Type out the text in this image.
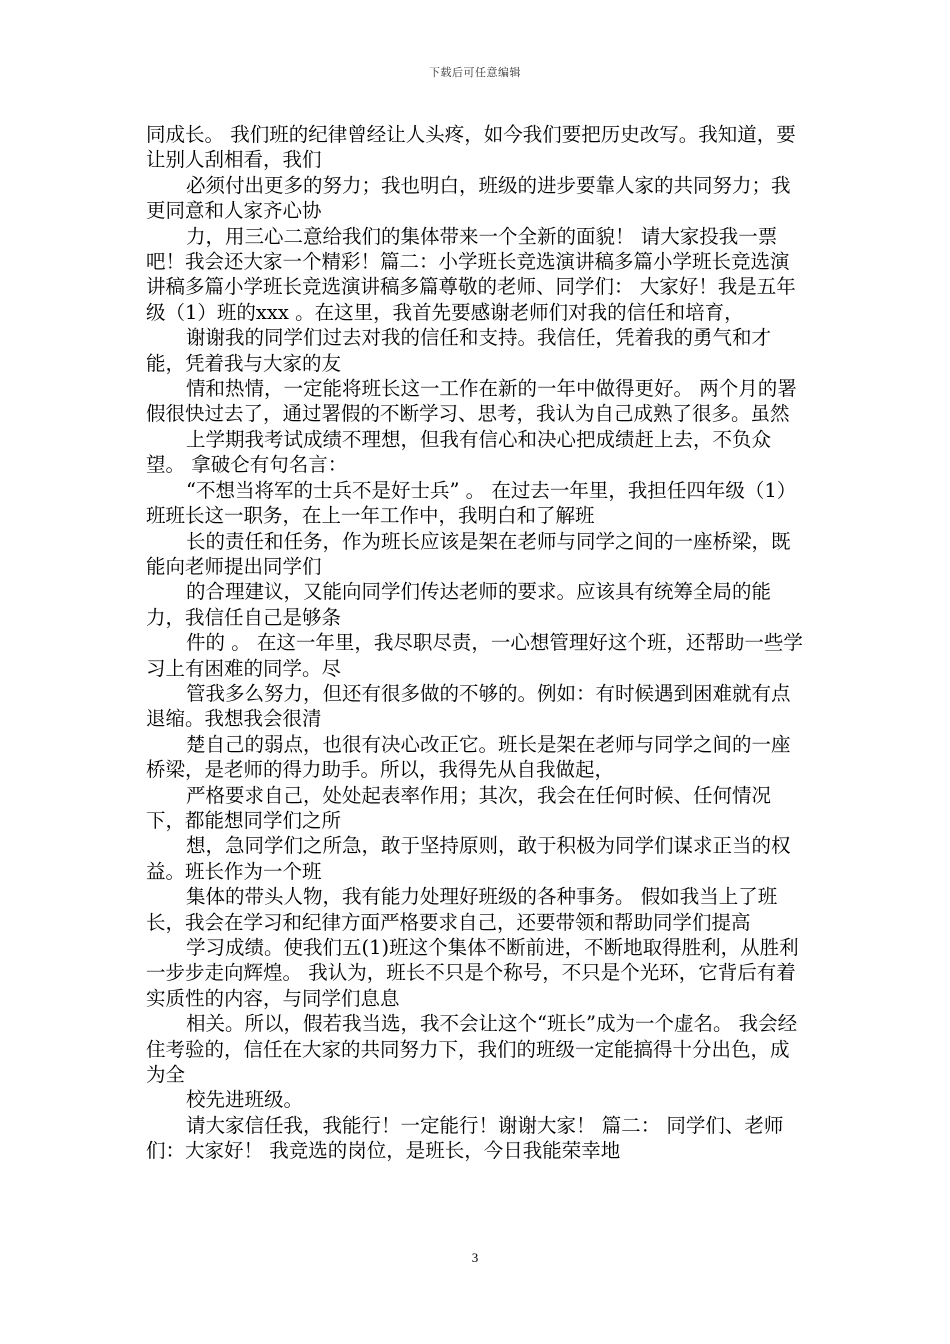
下载后可任意编辑

同成长。 我们班的纪律曾经让人头疼，如今我们要把历史改写。我知道，要让别人刮相看，我们

必须付出更多的努力；我也明白，班级的进步要靠人家的共同努力；我更同意和人家齐心协

力，用三心二意给我们的集体带来一个全新的面貌！ 请大家投我一票吧！我会还大家一个精彩！篇二：小学班长竞选演讲稿多篇小学班长竞选演讲稿多篇小学班长竞选演讲稿多篇尊敬的老师、同学们： 大家好！我是五年级（1）班的xxx 。在这里，我首先要感谢老师们对我的信任和培育，

谢谢我的同学们过去对我的信任和支持。我信任，凭着我的勇气和才能，凭着我与大家的友

情和热情，一定能将班长这一工作在新的一年中做得更好。 两个月的署假很快过去了，通过署假的不断学习、思考，我认为自己成熟了很多。虽然

上学期我考试成绩不理想，但我有信心和决心把成绩赶上去，不负众望。 拿破仑有句名言：

“不想当将军的士兵不是好士兵” 。 在过去一年里，我担任四年级（1）班班长这一职务，在上一年工作中，我明白和了解班

长的责任和任务，作为班长应该是架在老师与同学之间的一座桥梁，既能向老师提出同学们

的合理建议，又能向同学们传达老师的要求。应该具有统筹全局的能力，我信任自己是够条

件的 。 在这一年里，我尽职尽责，一心想管理好这个班，还帮助一些学习上有困难的同学。尽

管我多么努力，但还有很多做的不够的。例如：有时候遇到困难就有点退缩。我想我会很清

楚自己的弱点，也很有决心改正它。班长是架在老师与同学之间的一座桥梁，是老师的得力助手。所以，我得先从自我做起，

严格要求自己，处处起表率作用；其次，我会在任何时候、任何情况下，都能想同学们之所

想，急同学们之所急，敢于坚持原则，敢于积极为同学们谋求正当的权益。班长作为一个班

集体的带头人物，我有能力处理好班级的各种事务。 假如我当上了班长，我会在学习和纪律方面严格要求自己，还要带领和帮助同学们提高

学习成绩。使我们五(1)班这个集体不断前进，不断地取得胜利，从胜利一步步走向辉煌。 我认为，班长不只是个称号，不只是个光环，它背后有着实质性的内容，与同学们息息

相关。所以，假若我当选，我不会让这个“班长”成为一个虚名。 我会经住考验的，信任在大家的共同努力下，我们的班级一定能搞得十分出色，成为全

校先进班级。

请大家信任我，我能行！一定能行！谢谢大家！ 篇二： 同学们、老师们：大家好！ 我竞选的岗位，是班长，今日我能荣幸地

3
